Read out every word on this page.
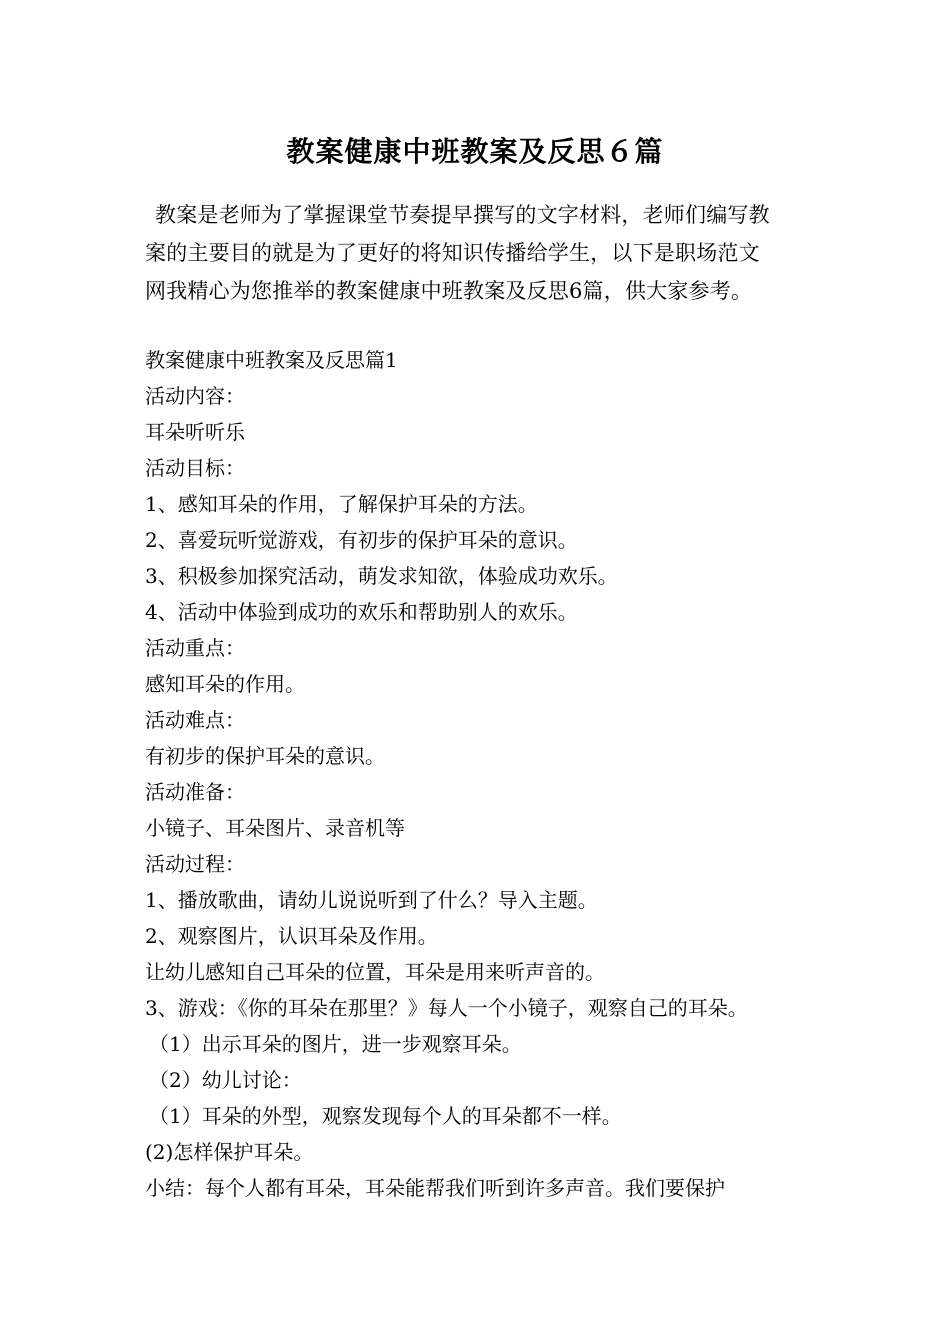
教案健康中班教案及反思６篇

教案是老师为了掌握课堂节奏提早撰写的文字材料，老师们编写教

案的主要目的就是为了更好的将知识传播给学生，以下是职场范文

网我精心为您推举的教案健康中班教案及反思6篇，供大家参考。

教案健康中班教案及反思篇1
活动内容：
耳朵听听乐
活动目标：
1、感知耳朵的作用，了解保护耳朵的方法。
2、喜爱玩听觉游戏，有初步的保护耳朵的意识。
3、积极参加探究活动，萌发求知欲，体验成功欢乐。
4、活动中体验到成功的欢乐和帮助别人的欢乐。
活动重点：
感知耳朵的作用。
活动难点：
有初步的保护耳朵的意识。
活动准备：
小镜子、耳朵图片、录音机等
活动过程：
1、播放歌曲，请幼儿说说听到了什么？导入主题。
2、观察图片，认识耳朵及作用。
让幼儿感知自己耳朵的位置，耳朵是用来听声音的。
3、游戏：《你的耳朵在那里？》每人一个小镜子，观察自己的耳朵。
（1）出示耳朵的图片，进一步观察耳朵。
（2）幼儿讨论：
（1）耳朵的外型，观察发现每个人的耳朵都不一样。
(2)怎样保护耳朵。
小结：每个人都有耳朵，耳朵能帮我们听到许多声音。我们要保护
